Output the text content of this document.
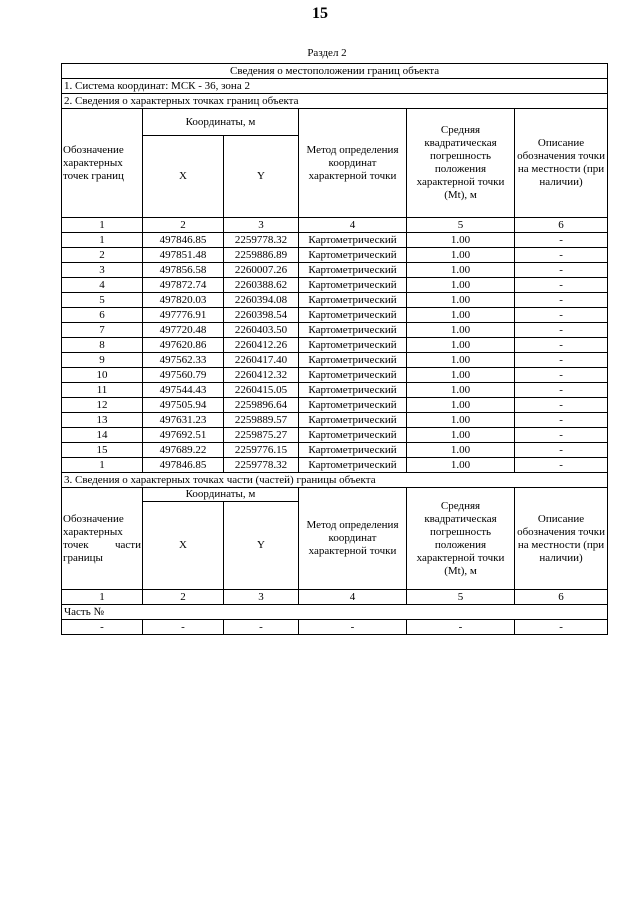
15
Раздел 2
Сведения о местоположении границ объекта					
1. Система координат: МСК - 36, зона 2					
2. Сведения о характерных точках границ объекта					
Обозначение характерных точек границ	Координаты, м		Метод определения координат характерной точки	Средняя квадратическая погрешность положения характерной точки (Mt), м	Описание обозначения точки на местности (при наличии)
	X	Y			
1	2	3	4	5	6
1	497846.85	2259778.32	Картометрический	1.00	-
2	497851.48	2259886.89	Картометрический	1.00	-
3	497856.58	2260007.26	Картометрический	1.00	-
4	497872.74	2260388.62	Картометрический	1.00	-
5	497820.03	2260394.08	Картометрический	1.00	-
6	497776.91	2260398.54	Картометрический	1.00	-
7	497720.48	2260403.50	Картометрический	1.00	-
8	497620.86	2260412.26	Картометрический	1.00	-
9	497562.33	2260417.40	Картометрический	1.00	-
10	497560.79	2260412.32	Картометрический	1.00	-
11	497544.43	2260415.05	Картометрический	1.00	-
12	497505.94	2259896.64	Картометрический	1.00	-
13	497631.23	2259889.57	Картометрический	1.00	-
14	497692.51	2259875.27	Картометрический	1.00	-
15	497689.22	2259776.15	Картометрический	1.00	-
1	497846.85	2259778.32	Картометрический	1.00	-
3. Сведения о характерных точках части (частей) границы объекта					

Обозначение характерных точек части границы	Координаты, м		Метод определения координат характерной точки	Средняя квадратическая погрешность положения характерной точки (Mt), м	Описание обозначения точки на местности (при наличии)
	X	Y			
1	2	3	4	5	6
Часть №					
-	-	-	-	-	-
